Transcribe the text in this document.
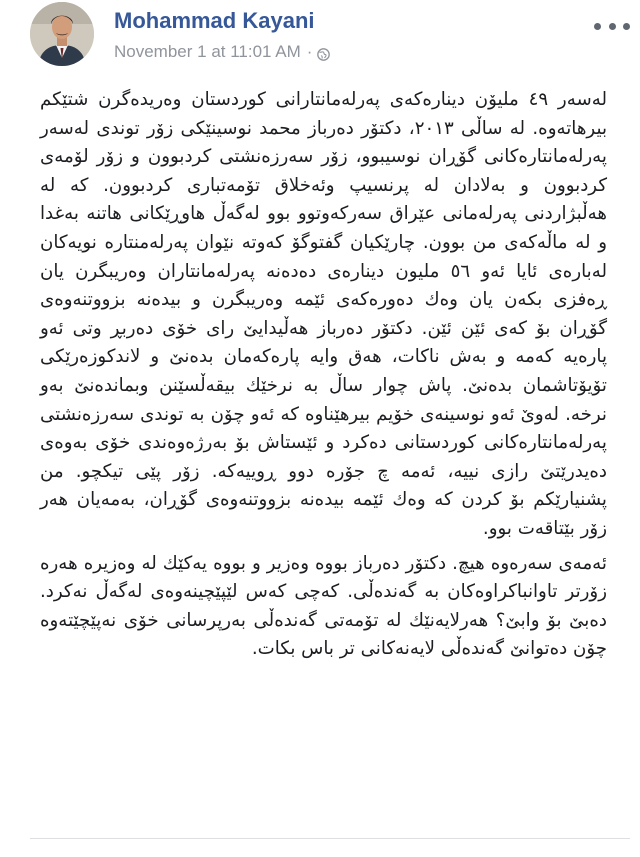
Mohammad Kayani
November 1 at 11:01 AM ·

لەسەر ٤٩ ملیۆن دینارەکەی پەرلەمانتارانی کوردستان وەریدەگرن شتێکم بیرهاتەوە. لە ساڵی ٢٠١٣، دکتۆر دەرباز محمد نوسینێکی زۆر توندی لەسەر پەرلەمانتارەکانی گۆڕان نوسیبوو، زۆر سەرزەنشتی کردبوون و زۆر لۆمەی کردبوون و بەلادان لە پرنسیپ وئەخلاق تۆمەتباری کردبوون. کە لە هەڵبژاردنی پەرلەمانی عێراق سەرکەوتوو بوو لەگەڵ هاوڕێکانی هاتنە بەغدا و لە ماڵەکەی من بوون. چارێکیان گفتوگۆ کەوتە نێوان پەرلەمنتارە نویەکان لەبارەی ئایا ئەو ٥٦ ملیون دینارەی دەدەنە پەرلەمانتاران وەریبگرن یان ڕەفزی بکەن یان وەك دەورەکەی ئێمە وەریبگرن و بیدەنە بزووتنەوەی گۆڕان بۆ کەی ئێن ئێن. دکتۆر دەرباز هەڵیدایێ رای خۆی دەربڕ وتی ئەو پارەیە کەمە و بەش ناکات، هەق وایە پارەکەمان بدەنێ و لاندکوزەرێکی تۆیۆتاشمان بدەنێ. پاش چوار ساڵ بە نرخێك بیقەڵسێنن وبماندەنێ بەو نرخە. لەوێ ئەو نوسینەی خۆیم بیرهێناوە کە ئەو چۆن بە توندی سەرزەنشتی پەرلەمانتارەکانی کوردستانی دەکرد و ئێستاش بۆ بەرژەوەندی خۆی بەوەی دەیدرێتێ رازی نییە، ئەمە چ جۆرە دوو ڕوییەکە. زۆر پێی تیکچو. من پشنیارێکم بۆ کردن کە وەك ئێمە بیدەنە بزووتنەوەی گۆڕان، بەمەیان هەر زۆر بێتاقەت بوو.

ئەمەی سەرەوە هیچ. دکتۆر دەرباز بووە وەزیر و بووە یەکێك لە وەزیرە هەرە زۆرتر تاوانباکراوەکان بە گەندەڵی. کەچی کەس لێپێچینەوەی لەگەڵ نەکرد. دەبێ بۆ وابێ؟ هەرلایەنێك لە تۆمەتی گەندەڵی بەرپرسانی خۆی نەپێچێتەوە چۆن دەتوانێ گەندەڵی لایەنەکانی تر باس بکات.
